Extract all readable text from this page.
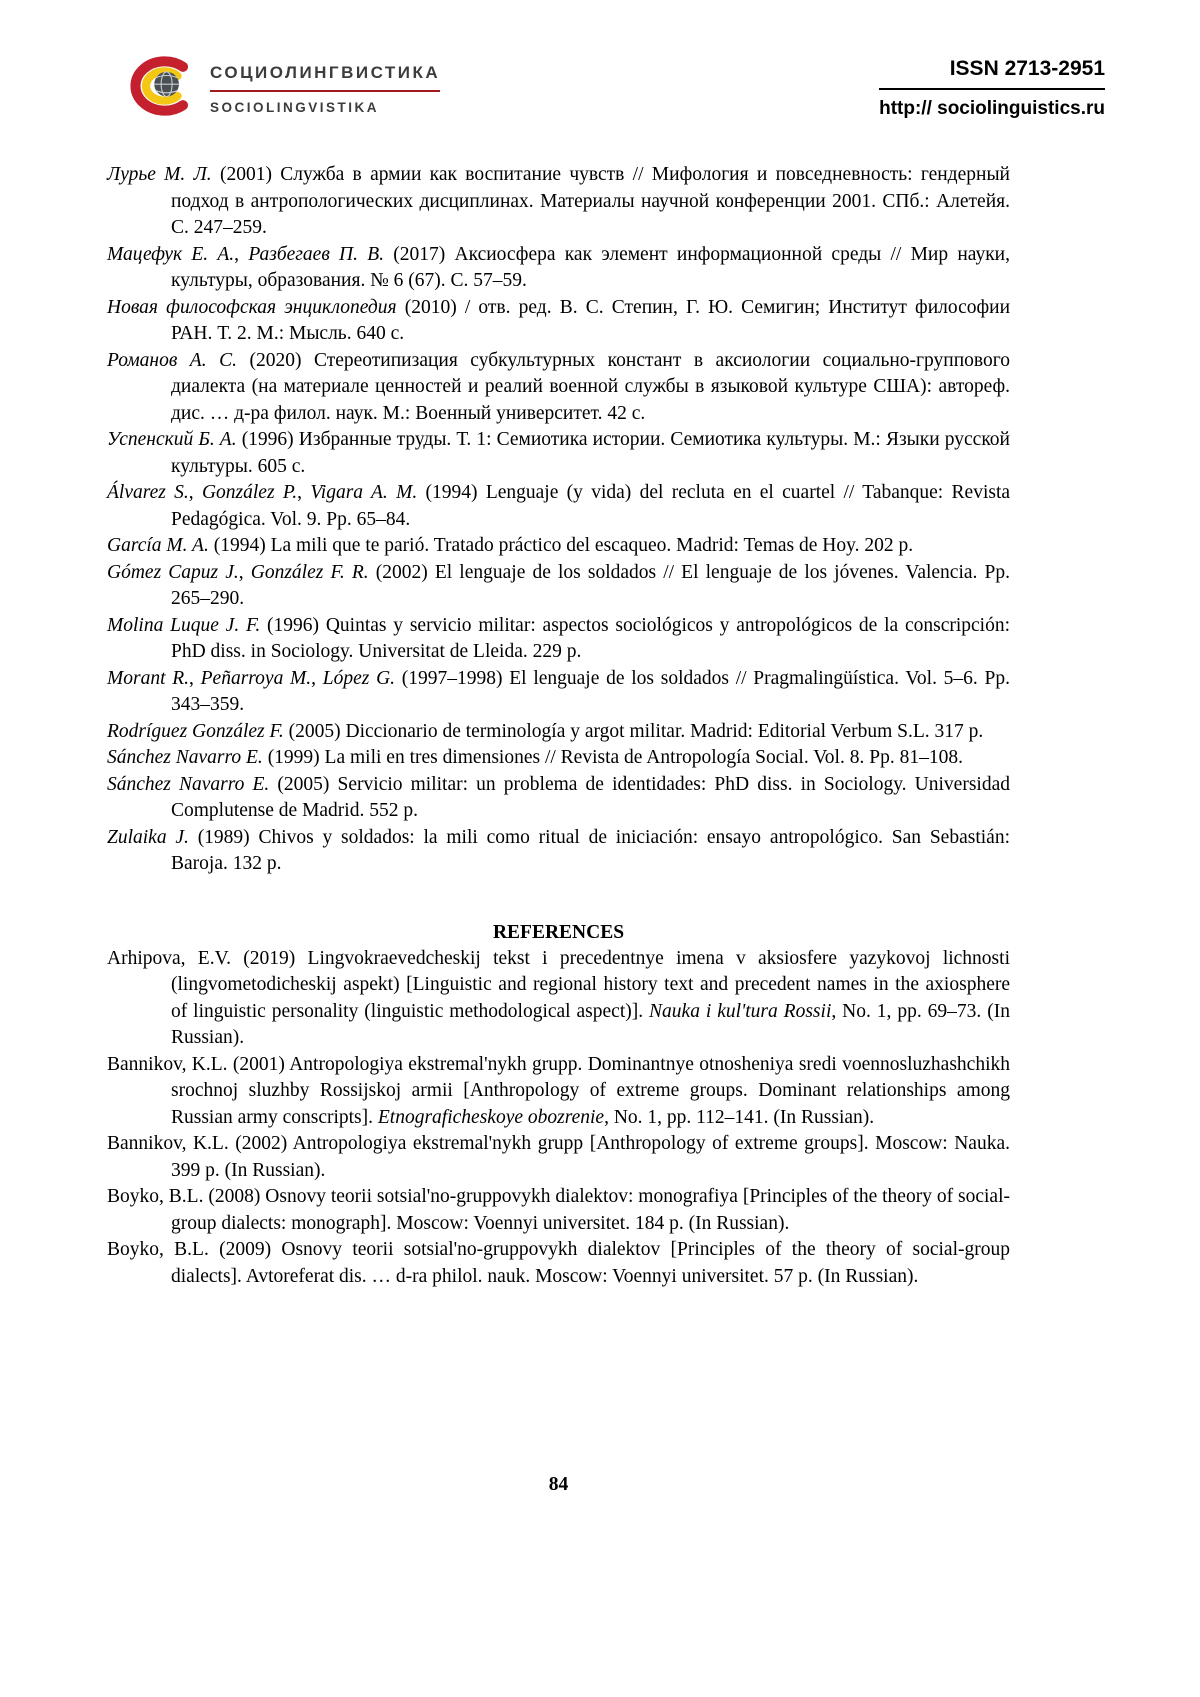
СОЦИОЛИНГВИСТИКА
SOCIOLINGVISTIKA
ISSN 2713-2951
http:// sociolinguistics.ru

Лурье М. Л. (2001) Служба в армии как воспитание чувств // Мифология и повседневность: гендерный подход в антропологических дисциплинах. Материалы научной конференции 2001. СПб.: Алетейя. С. 247–259.

Мацефук Е. А., Разбегаев П. В. (2017) Аксиосфера как элемент информационной среды // Мир науки, культуры, образования. № 6 (67). С. 57–59.

Новая философская энциклопедия (2010) / отв. ред. В. С. Степин, Г. Ю. Семигин; Институт философии РАН. Т. 2. М.: Мысль. 640 с.

Романов А. С. (2020) Стереотипизация субкультурных констант в аксиологии социально-группового диалекта (на материале ценностей и реалий военной службы в языковой культуре США): автореф. дис. … д-ра филол. наук. М.: Военный университет. 42 с.

Успенский Б. А. (1996) Избранные труды. Т. 1: Семиотика истории. Семиотика культуры. М.: Языки русской культуры. 605 с.

Álvarez S., González P., Vigara A. M. (1994) Lenguaje (y vida) del recluta en el cuartel // Tabanque: Revista Pedagógica. Vol. 9. Pp. 65–84.

García M. A. (1994) La mili que te parió. Tratado práctico del escaqueo. Madrid: Temas de Hoy. 202 p.

Gómez Capuz J., González F. R. (2002) El lenguaje de los soldados // El lenguaje de los jóvenes. Valencia. Pp. 265–290.

Molina Luque J. F. (1996) Quintas y servicio militar: aspectos sociológicos y antropológicos de la conscripción: PhD diss. in Sociology. Universitat de Lleida. 229 p.

Morant R., Peñarroya M., López G. (1997–1998) El lenguaje de los soldados // Pragmalingüística. Vol. 5–6. Pp. 343–359.

Rodríguez González F. (2005) Diccionario de terminología y argot militar. Madrid: Editorial Verbum S.L. 317 p.

Sánchez Navarro E. (1999) La mili en tres dimensiones // Revista de Antropología Social. Vol. 8. Pp. 81–108.

Sánchez Navarro E. (2005) Servicio militar: un problema de identidades: PhD diss. in Sociology. Universidad Complutense de Madrid. 552 p.

Zulaika J. (1989) Chivos y soldados: la mili como ritual de iniciación: ensayo antropológico. San Sebastián: Baroja. 132 p.

REFERENCES

Arhipova, E.V. (2019) Lingvokraevedcheskij tekst i precedentnye imena v aksiosfere yazykovoj lichnosti (lingvometodicheskij aspekt) [Linguistic and regional history text and precedent names in the axiosphere of linguistic personality (linguistic methodological aspect)]. Nauka i kul'tura Rossii, No. 1, pp. 69–73. (In Russian).

Bannikov, K.L. (2001) Antropologiya ekstremal'nykh grupp. Dominantnye otnosheniya sredi voennosluzhashchikh srochnoj sluzhby Rossijskoj armii [Anthropology of extreme groups. Dominant relationships among Russian army conscripts]. Etnograficheskoye obozrenie, No. 1, pp. 112–141. (In Russian).

Bannikov, K.L. (2002) Antropologiya ekstremal'nykh grupp [Anthropology of extreme groups]. Moscow: Nauka. 399 p. (In Russian).

Boyko, B.L. (2008) Osnovy teorii sotsial'no-gruppovykh dialektov: monografiya [Principles of the theory of social-group dialects: monograph]. Moscow: Voennyi universitet. 184 p. (In Russian).

Boyko, B.L. (2009) Osnovy teorii sotsial'no-gruppovykh dialektov [Principles of the theory of social-group dialects]. Avtoreferat dis. … d-ra philol. nauk. Moscow: Voennyi universitet. 57 p. (In Russian).

84
